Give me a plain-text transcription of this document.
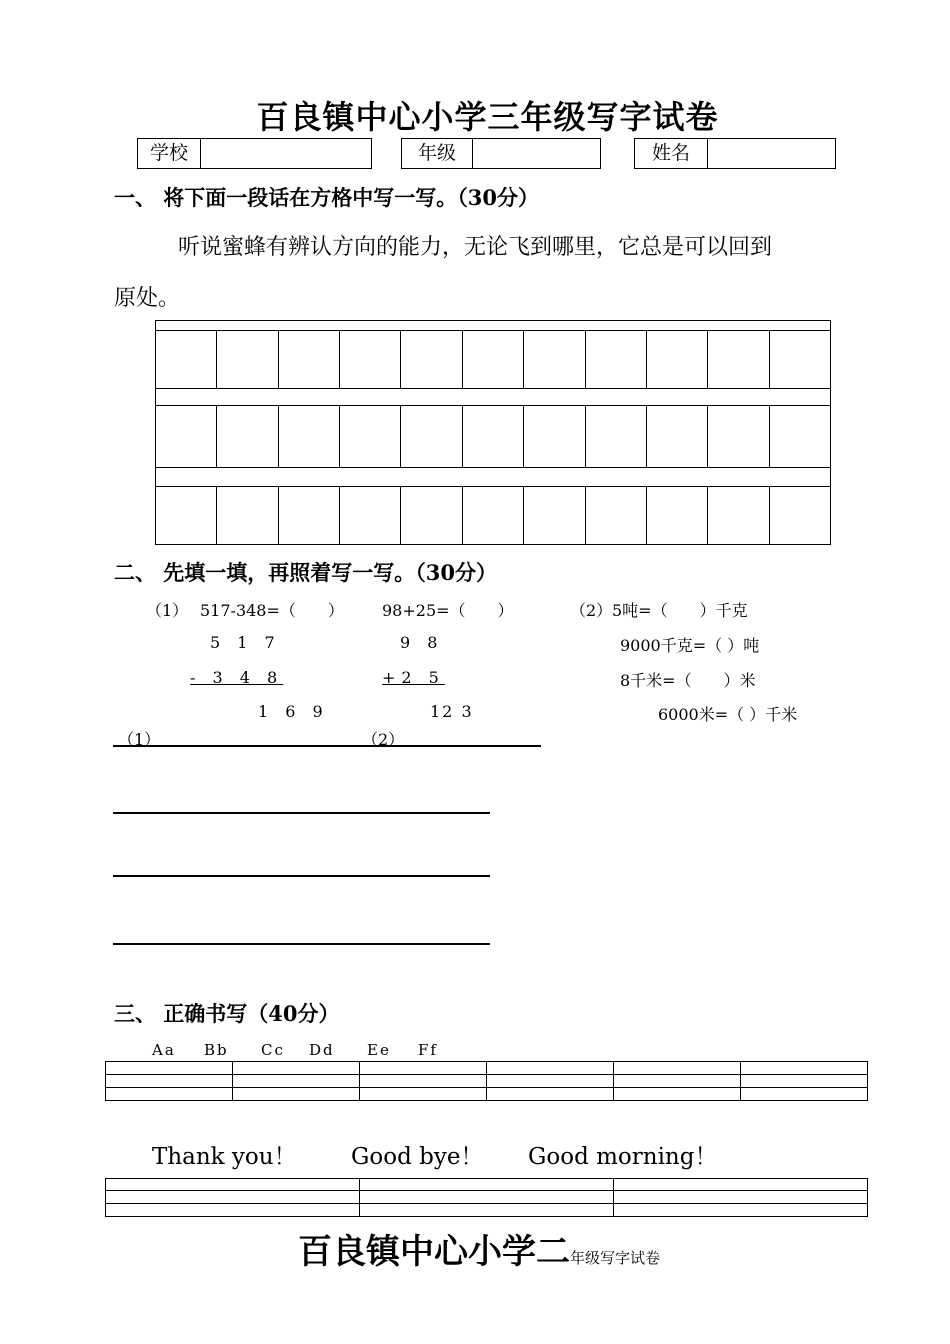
百良镇中心小学三年级写字试卷
学校	年级	姓名
一、 将下面一段话在方格中写一写。（30分）
听说蜜蜂有辨认方向的能力，无论飞到哪里，它总是可以回到
原处。

二、 先填一填，再照着写一写。（30分）
（1） 517-348=（　　） 98+25=（　　）	（2） 5吨=（　　）千克
9000千克=（ ）吨
8千米=（　　）米
6000米=（ ）千米
5 1 7
- 3 4 8
1 6 9
9 8
+2 5
12 3
（1）	（2）
三、 正确书写（40分）
Aa Bb Cc Dd Ee Ff

Thank you！ Good bye！ Good morning！

百良镇中心小学二年级写字试卷
